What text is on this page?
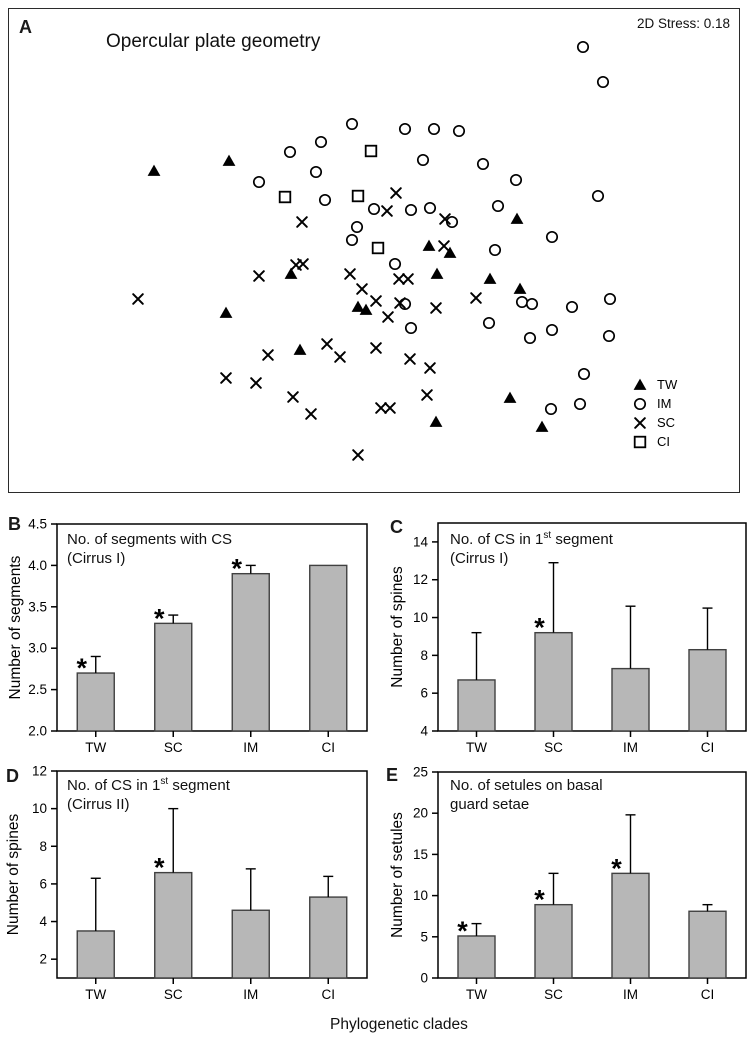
A
Opercular plate geometry
2D Stress: 0.18
TW
IM
SC
CI
B
2.0
2.5
3.0
3.5
4.0
4.5
*
TW
*
SC
*
IM	CI
Number of segments
No. of segments with CS
(Cirrus I)
C
4
6
8
10
12
14
TW
*
SC	IM	CI
Number of spines
No. of CS in 1st segment
(Cirrus I)
D
2
4
6
8
10
12
TW
*
SC	IM	CI
Number of spines
No. of CS in 1st segment
(Cirrus II)
E
0
5
10
15
20
25
*
TW
*
SC
*
IM	CI
Number of setules
No. of setules on basal
guard setae
Phylogenetic clades
